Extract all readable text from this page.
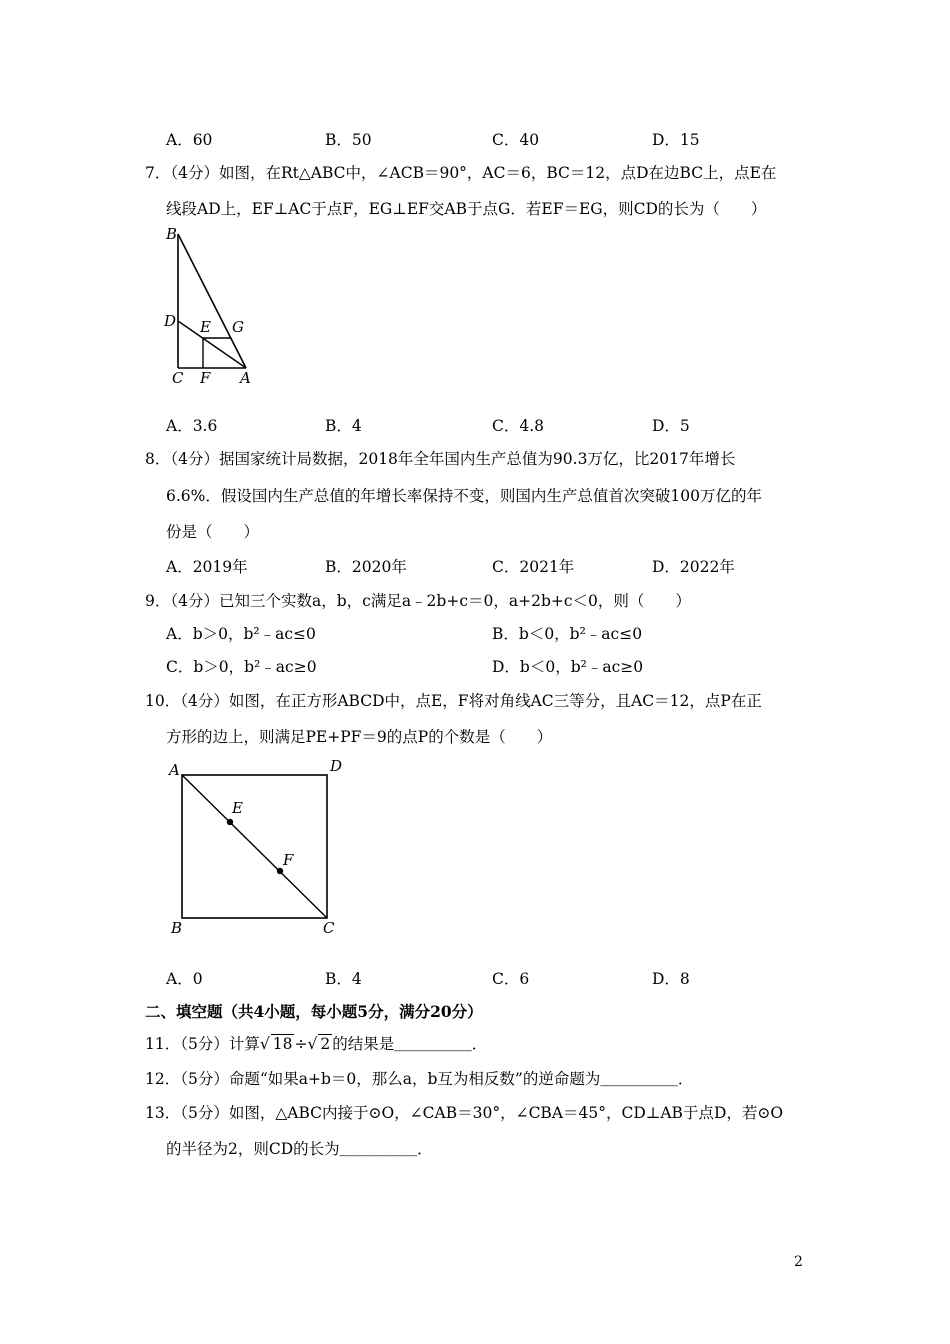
A．60	B．50	C．40	D．15
7．（4分）如图，在Rt△ABC中，∠ACB＝90°，AC＝6，BC＝12，点D在边BC上，点E在
线段AD上，EF⊥AC于点F，EG⊥EF交AB于点G．若EF＝EG，则CD的长为（　　）
B
D E G
C F A
A．3.6	B．4	C．4.8	D．5
8．（4分）据国家统计局数据，2018年全年国内生产总值为90.3万亿，比2017年增长
6.6%．假设国内生产总值的年增长率保持不变，则国内生产总值首次突破100万亿的年
份是（　　）
A．2019年	B．2020年	C．2021年	D．2022年
9．（4分）已知三个实数a，b，c满足a﹣2b+c＝0，a+2b+c＜0，则（　　）
A．b＞0，b²﹣ac≤0	B．b＜0，b²﹣ac≤0
C．b＞0，b²﹣ac≥0	D．b＜0，b²﹣ac≥0
10．（4分）如图，在正方形ABCD中，点E，F将对角线AC三等分，且AC＝12，点P在正
方形的边上，则满足PE+PF＝9的点P的个数是（　　）
A	D
E
F
B	C
A．0	B．4	C．6	D．8
二、填空题（共4小题，每小题5分，满分20分）
11．（5分）计算√ 18 ÷√ 2 的结果是＿＿＿＿＿．
12．（5分）命题“如果a+b＝0，那么a，b互为相反数”的逆命题为＿＿＿＿＿．
13．（5分）如图，△ABC内接于⊙O，∠CAB＝30°，∠CBA＝45°，CD⊥AB于点D，若⊙O
的半径为2，则CD的长为＿＿＿＿＿．
2
